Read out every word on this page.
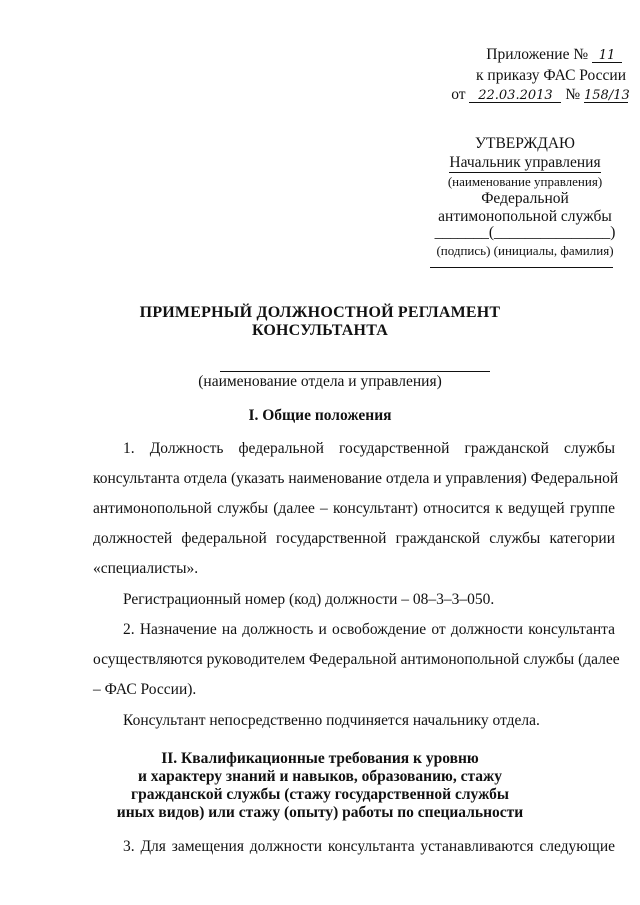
Приложение № 11
к приказу ФАС России
от 22.03.2013 № 158/13
УТВЕРЖДАЮ
Начальник управления
(наименование управления)
Федеральной
антимонопольной службы
_______(_______________)
(подпись) (инициалы, фамилия)
ПРИМЕРНЫЙ ДОЛЖНОСТНОЙ РЕГЛАМЕНТ
КОНСУЛЬТАНТА
(наименование отдела и управления)
I. Общие положения
1. Должность федеральной государственной гражданской службы
консультанта отдела (указать наименование отдела и управления) Федеральной
антимонопольной службы (далее – консультант) относится к ведущей группе
должностей федеральной государственной гражданской службы категории
«специалисты».
Регистрационный номер (код) должности – 08–3–3–050.
2. Назначение на должность и освобождение от должности консультанта
осуществляются руководителем Федеральной антимонопольной службы (далее
– ФАС России).
Консультант непосредственно подчиняется начальнику отдела.
II. Квалификационные требования к уровню
и характеру знаний и навыков, образованию, стажу
гражданской службы (стажу государственной службы
иных видов) или стажу (опыту) работы по специальности
3. Для замещения должности консультанта устанавливаются следующие
